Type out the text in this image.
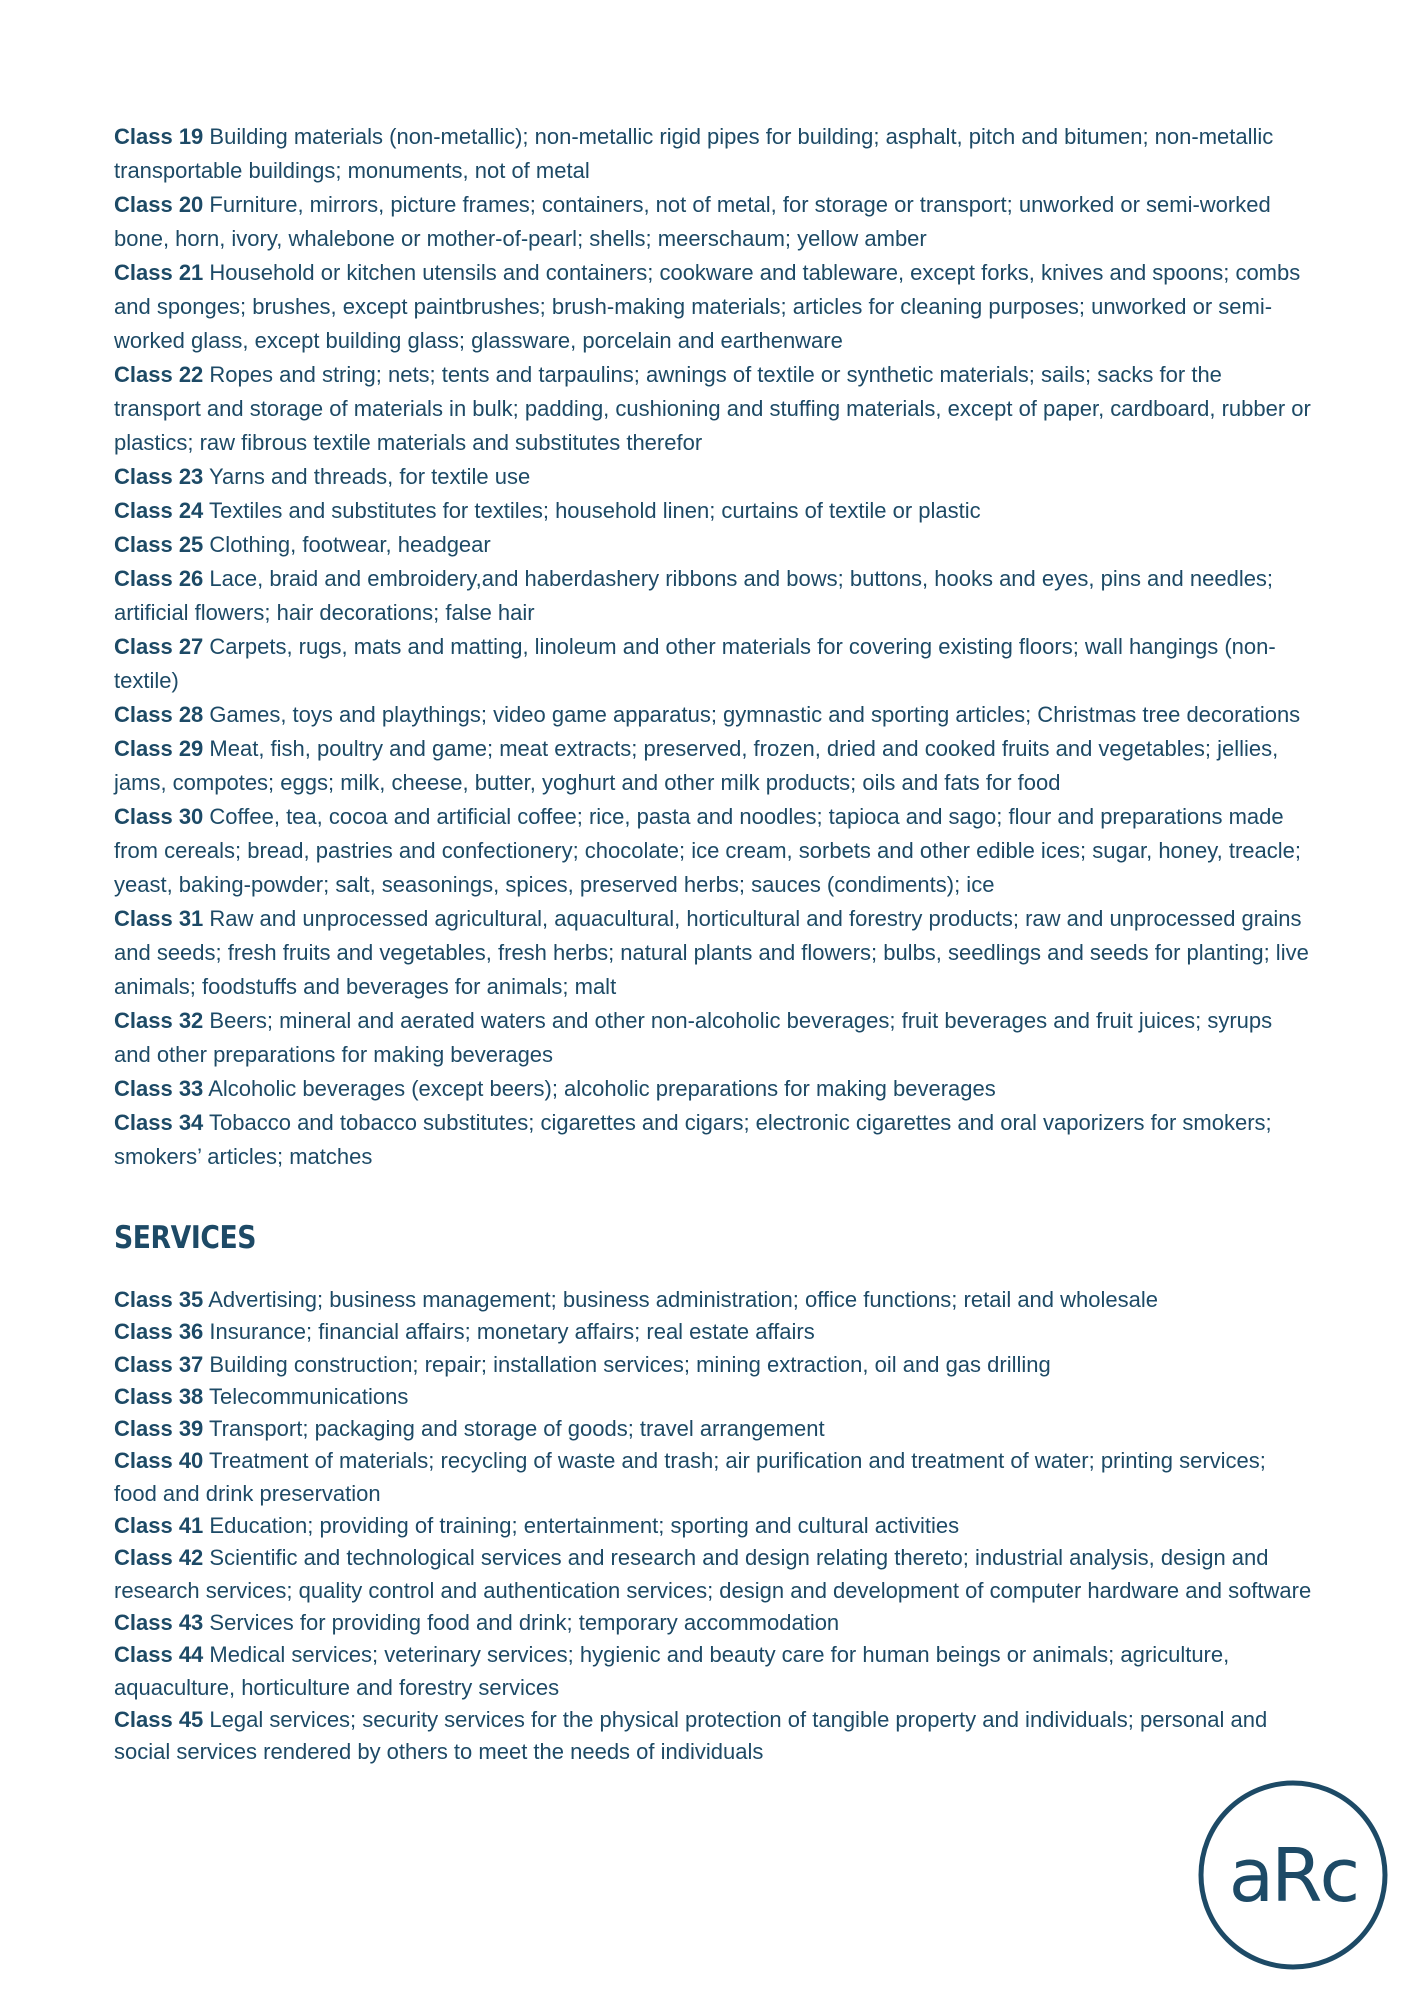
Class 19 Building materials (non-metallic); non-metallic rigid pipes for building; asphalt, pitch and bitumen; non-metallic transportable buildings; monuments, not of metal

Class 20 Furniture, mirrors, picture frames; containers, not of metal, for storage or transport; unworked or semi-worked bone, horn, ivory, whalebone or mother-of-pearl; shells; meerschaum; yellow amber

Class 21 Household or kitchen utensils and containers; cookware and tableware, except forks, knives and spoons; combs and sponges; brushes, except paintbrushes; brush-making materials; articles for cleaning purposes; unworked or semi-worked glass, except building glass; glassware, porcelain and earthenware

Class 22 Ropes and string; nets; tents and tarpaulins; awnings of textile or synthetic materials; sails; sacks for the transport and storage of materials in bulk; padding, cushioning and stuffing materials, except of paper, cardboard, rubber or plastics; raw fibrous textile materials and substitutes therefor

Class 23 Yarns and threads, for textile use

Class 24 Textiles and substitutes for textiles; household linen; curtains of textile or plastic

Class 25 Clothing, footwear, headgear

Class 26 Lace, braid and embroidery,and haberdashery ribbons and bows; buttons, hooks and eyes, pins and needles; artificial flowers; hair decorations; false hair

Class 27 Carpets, rugs, mats and matting, linoleum and other materials for covering existing floors; wall hangings (non-textile)

Class 28 Games, toys and playthings; video game apparatus; gymnastic and sporting articles; Christmas tree decorations

Class 29 Meat, fish, poultry and game; meat extracts; preserved, frozen, dried and cooked fruits and vegetables; jellies, jams, compotes; eggs; milk, cheese, butter, yoghurt and other milk products; oils and fats for food

Class 30 Coffee, tea, cocoa and artificial coffee; rice, pasta and noodles; tapioca and sago; flour and preparations made from cereals; bread, pastries and confectionery; chocolate; ice cream, sorbets and other edible ices; sugar, honey, treacle; yeast, baking-powder; salt, seasonings, spices, preserved herbs; sauces (condiments); ice

Class 31 Raw and unprocessed agricultural, aquacultural, horticultural and forestry products; raw and unprocessed grains and seeds; fresh fruits and vegetables, fresh herbs; natural plants and flowers; bulbs, seedlings and seeds for planting; live animals; foodstuffs and beverages for animals; malt

Class 32 Beers; mineral and aerated waters and other non-alcoholic beverages; fruit beverages and fruit juices; syrups and other preparations for making beverages

Class 33 Alcoholic beverages (except beers); alcoholic preparations for making beverages

Class 34 Tobacco and tobacco substitutes; cigarettes and cigars; electronic cigarettes and oral vaporizers for smokers; smokers’ articles; matches

SERVICES

Class 35 Advertising; business management; business administration; office functions; retail and wholesale

Class 36 Insurance; financial affairs; monetary affairs; real estate affairs

Class 37 Building construction; repair; installation services; mining extraction, oil and gas drilling

Class 38 Telecommunications

Class 39 Transport; packaging and storage of goods; travel arrangement

Class 40 Treatment of materials; recycling of waste and trash; air purification and treatment of water; printing services; food and drink preservation

Class 41 Education; providing of training; entertainment; sporting and cultural activities

Class 42 Scientific and technological services and research and design relating thereto; industrial analysis, design and research services; quality control and authentication services; design and development of computer hardware and software

Class 43 Services for providing food and drink; temporary accommodation

Class 44 Medical services; veterinary services; hygienic and beauty care for human beings or animals; agriculture, aquaculture, horticulture and forestry services

Class 45 Legal services; security services for the physical protection of tangible property and individuals; personal and social services rendered by others to meet the needs of individuals

aRc
